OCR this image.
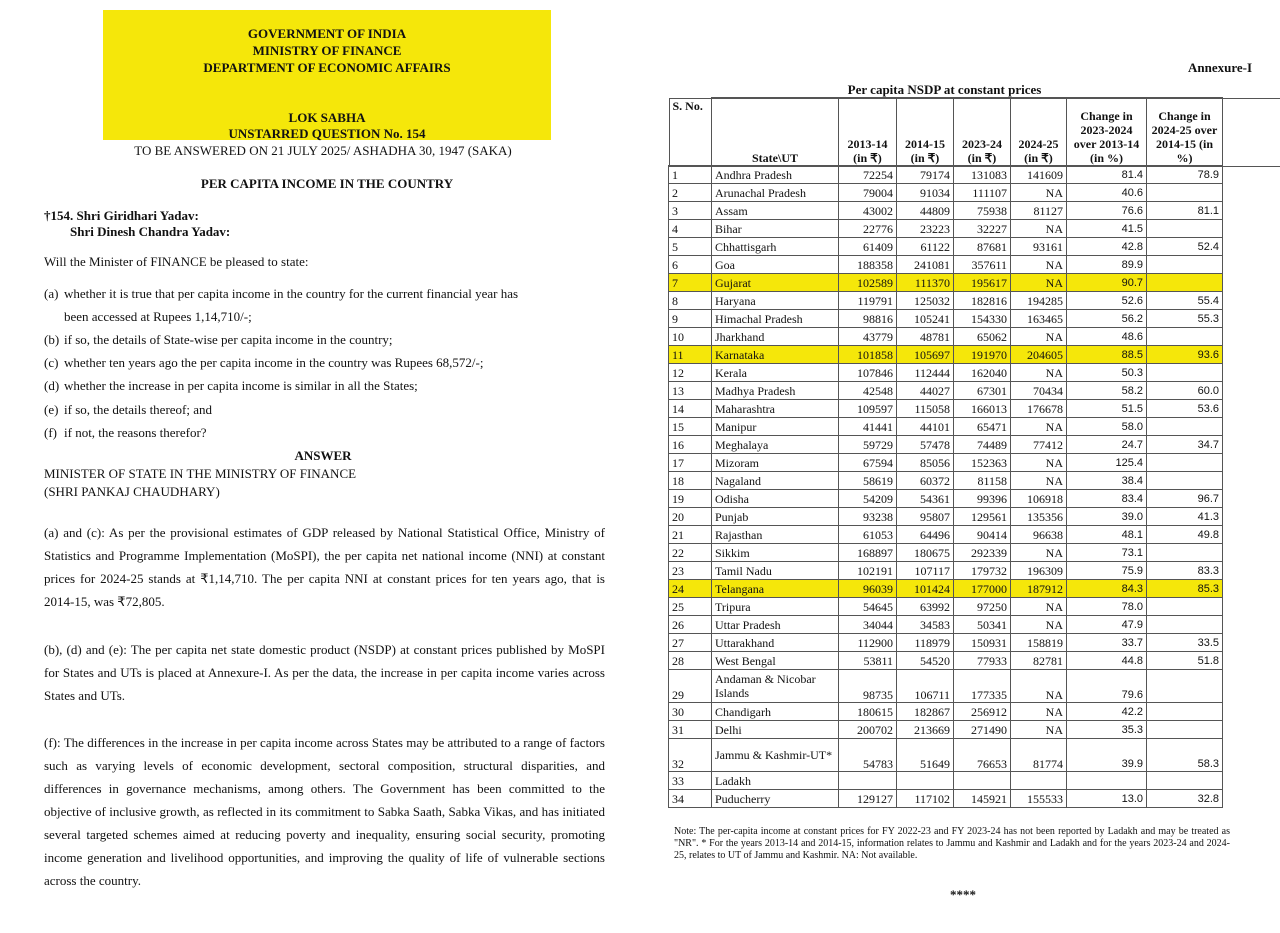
GOVERNMENT OF INDIA
MINISTRY OF FINANCE
DEPARTMENT OF ECONOMIC AFFAIRS
LOK SABHA
UNSTARRED QUESTION No. 154
TO BE ANSWERED ON 21 JULY 2025/ ASHADHA 30, 1947 (SAKA)
PER CAPITA INCOME IN THE COUNTRY
†154. Shri Giridhari Yadav:
Shri Dinesh Chandra Yadav:
Will the Minister of FINANCE be pleased to state:
(a) whether it is true that per capita income in the country for the current financial year has
been accessed at Rupees 1,14,710/-;
(b) if so, the details of State-wise per capita income in the country;
(c) whether ten years ago the per capita income in the country was Rupees 68,572/-;
(d) whether the increase in per capita income is similar in all the States;
(e) if so, the details thereof; and
(f) if not, the reasons therefor?
ANSWER
MINISTER OF STATE IN THE MINISTRY OF FINANCE
(SHRI PANKAJ CHAUDHARY)
(a) and (c): As per the provisional estimates of GDP released by National Statistical Office, Ministry of Statistics and Programme Implementation (MoSPI), the per capita net national income (NNI) at constant prices for 2024-25 stands at ₹1,14,710. The per capita NNI at constant prices for ten years ago, that is 2014-15, was ₹72,805.
(b), (d) and (e): The per capita net state domestic product (NSDP) at constant prices published by MoSPI for States and UTs is placed at Annexure-I. As per the data, the increase in per capita income varies across States and UTs.
(f): The differences in the increase in per capita income across States may be attributed to a range of factors such as varying levels of economic development, sectoral composition, structural disparities, and differences in governance mechanisms, among others. The Government has been committed to the objective of inclusive growth, as reflected in its commitment to Sabka Saath, Sabka Vikas, and has initiated several targeted schemes aimed at reducing poverty and inequality, ensuring social security, promoting income generation and livelihood opportunities, and improving the quality of life of vulnerable sections across the country.
Annexure-I
Per capita NSDP at constant prices
S. No.
State\UT	2013-14 (in ₹)	2014-15 (in ₹)	2023-24 (in ₹)	2024-25 (in ₹)	Change in 2023-2024 over 2013-14 (in %)	Change in 2024-25 over 2014-15 (in %)
1	Andhra Pradesh	72254	79174	131083	141609	81.4	78.9
2	Arunachal Pradesh	79004	91034	111107	NA	40.6	
3	Assam	43002	44809	75938	81127	76.6	81.1
4	Bihar	22776	23223	32227	NA	41.5	
5	Chhattisgarh	61409	61122	87681	93161	42.8	52.4
6	Goa	188358	241081	357611	NA	89.9	
7	Gujarat	102589	111370	195617	NA	90.7	
8	Haryana	119791	125032	182816	194285	52.6	55.4
9	Himachal Pradesh	98816	105241	154330	163465	56.2	55.3
10	Jharkhand	43779	48781	65062	NA	48.6	
11	Karnataka	101858	105697	191970	204605	88.5	93.6
12	Kerala	107846	112444	162040	NA	50.3	
13	Madhya Pradesh	42548	44027	67301	70434	58.2	60.0
14	Maharashtra	109597	115058	166013	176678	51.5	53.6
15	Manipur	41441	44101	65471	NA	58.0	
16	Meghalaya	59729	57478	74489	77412	24.7	34.7
17	Mizoram	67594	85056	152363	NA	125.4	
18	Nagaland	58619	60372	81158	NA	38.4	
19	Odisha	54209	54361	99396	106918	83.4	96.7
20	Punjab	93238	95807	129561	135356	39.0	41.3
21	Rajasthan	61053	64496	90414	96638	48.1	49.8
22	Sikkim	168897	180675	292339	NA	73.1	
23	Tamil Nadu	102191	107117	179732	196309	75.9	83.3
24	Telangana	96039	101424	177000	187912	84.3	85.3
25	Tripura	54645	63992	97250	NA	78.0	
26	Uttar Pradesh	34044	34583	50341	NA	47.9	
27	Uttarakhand	112900	118979	150931	158819	33.7	33.5
28	West Bengal	53811	54520	77933	82781	44.8	51.8
29	Andaman & Nicobar Islands	98735	106711	177335	NA	79.6	
30	Chandigarh	180615	182867	256912	NA	42.2	
31	Delhi	200702	213669	271490	NA	35.3	
32	Jammu & Kashmir-UT*	54783	51649	76653	81774	39.9	58.3
33	Ladakh						
34	Puducherry	129127	117102	145921	155533	13.0	32.8
Note: The per-capita income at constant prices for FY 2022-23 and FY 2023-24 has not been reported by Ladakh and may be treated as "NR". * For the years 2013-14 and 2014-15, information relates to Jammu and Kashmir and Ladakh and for the years 2023-24 and 2024-25, relates to UT of Jammu and Kashmir. NA: Not available.
****
